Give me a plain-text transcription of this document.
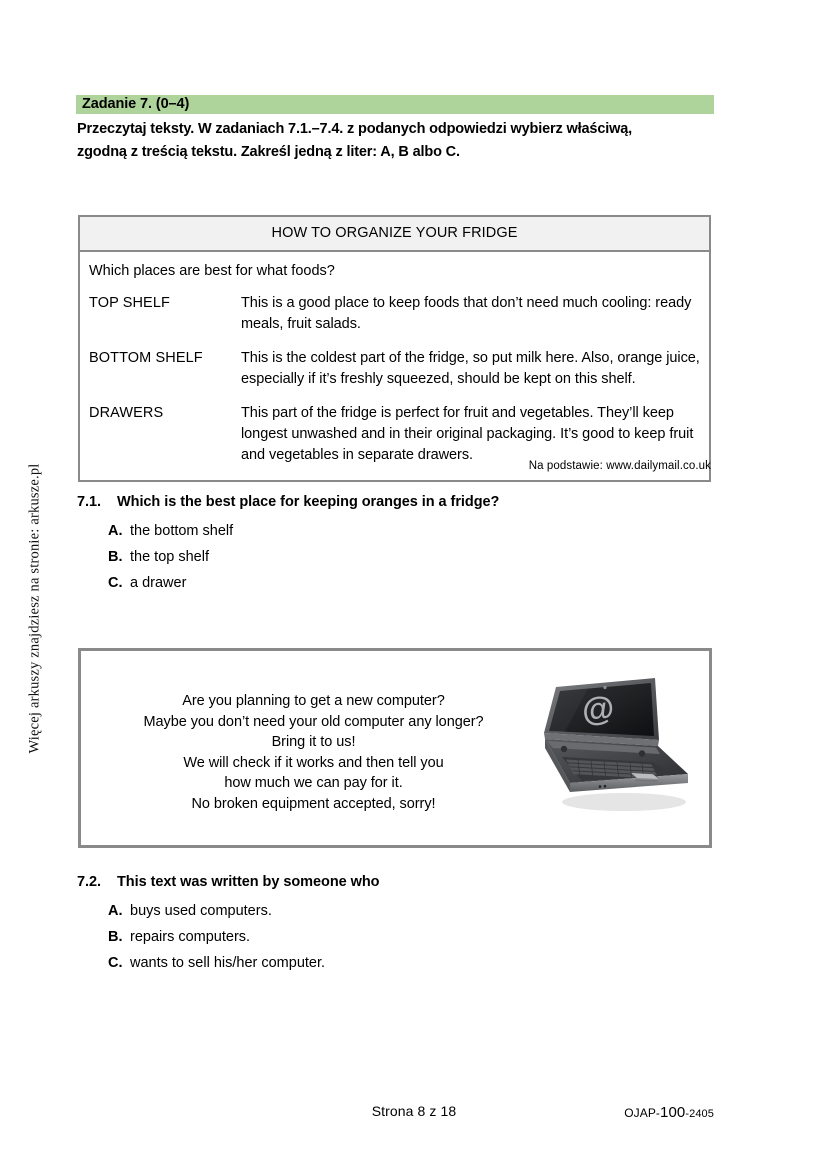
Więcej arkuszy znajdziesz na stronie: arkusze.pl
Zadanie 7. (0–4)
Przeczytaj teksty. W zadaniach 7.1.–7.4. z podanych odpowiedzi wybierz właściwą,
zgodną z treścią tekstu. Zakreśl jedną z liter: A, B albo C.
HOW TO ORGANIZE YOUR FRIDGE

Which places are best for what foods?

TOP SHELF	This is a good place to keep foods that don’t need much cooling: ready meals, fruit salads.
BOTTOM SHELF	This is the coldest part of the fridge, so put milk here. Also, orange juice, especially if it’s freshly squeezed, should be kept on this shelf.
DRAWERS	This part of the fridge is perfect for fruit and vegetables. They’ll keep longest unwashed and in their original packaging. It’s good to keep fruit and vegetables in separate drawers.
Na podstawie: www.dailymail.co.uk
7.1.	Which is the best place for keeping oranges in a fridge?
A. the bottom shelf
B. the top shelf
C. a drawer
Are you planning to get a new computer?
Maybe you don’t need your old computer any longer?
Bring it to us!
We will check if it works and then tell you
how much we can pay for it.
No broken equipment accepted, sorry!
@
7.2.	This text was written by someone who
A. buys used computers.
B. repairs computers.
C. wants to sell his/her computer.
Strona 8 z 18	OJAP-100-2405
